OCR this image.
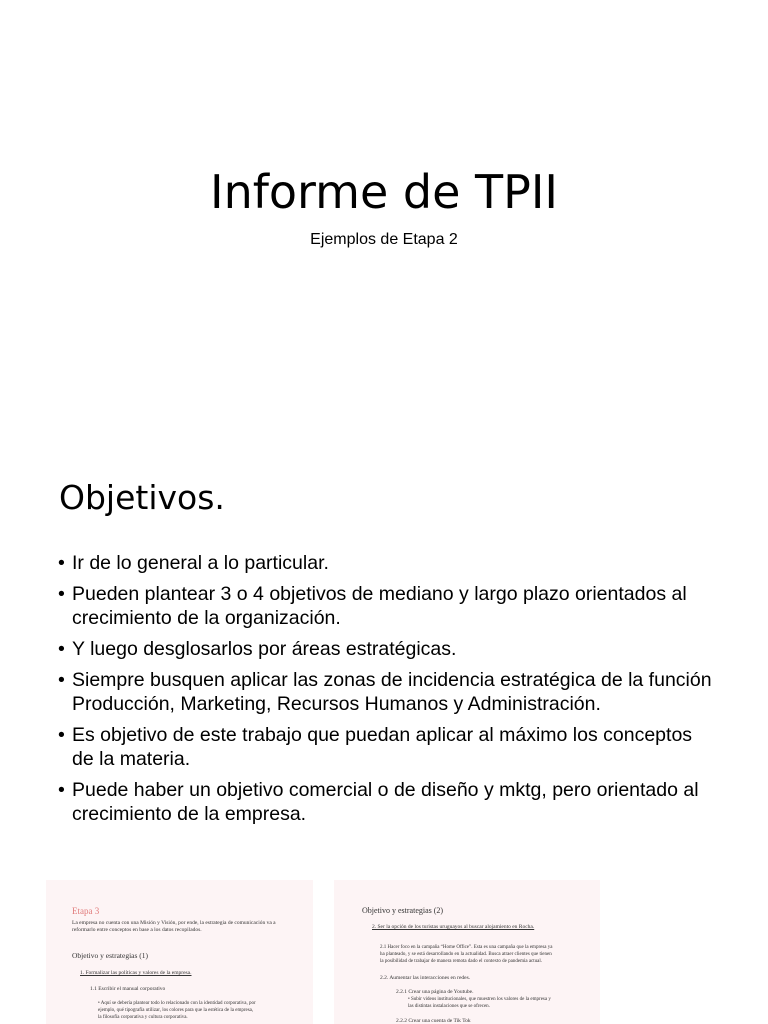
Informe de TPII
Ejemplos de Etapa 2
Objetivos.
• Ir de lo general a lo particular.
• Pueden plantear 3 o 4 objetivos de mediano y largo plazo orientados al crecimiento de la organización.
• Y luego desglosarlos por áreas estratégicas.
• Siempre busquen aplicar las zonas de incidencia estratégica de la función Producción, Marketing, Recursos Humanos y Administración.
• Es objetivo de este trabajo que puedan aplicar al máximo los conceptos de la materia.
• Puede haber un objetivo comercial o de diseño y mktg, pero orientado al crecimiento de la empresa.
Etapa 3
La empresa no cuenta con una Misión y Visión, por ende, la estrategia de comunicación va a
reformarlo entre conceptos en base a los datos recopilados.
Objetivo y estrategias (1)
1. Formalizar las políticas y valores de la empresa.
1.1 Escribir el manual corporativo
• Aquí se debería plantear todo lo relacionado con la identidad corporativa, por
ejemplo, qué tipografía utilizar, los colores para que la estética de la empresa,
la filosofía corporativa y cultura corporativa.
Objetivo y estrategias (2)
2. Ser la opción de los turistas uruguayos al buscar alojamiento en Rocha.
2.1 Hacer foco en la campaña “Home Office”. Esta es una campaña que la empresa ya
ha planteado, y se está desarrollando en la actualidad. Busca atraer clientes que tienen
la posibilidad de trabajar de manera remota dado el contexto de pandemia actual.
2.2. Aumentar las interacciones en redes.
2.2.1 Crear una página de Youtube.
• Subir videos institucionales, que muestren los valores de la empresa y
las distintas instalaciones que se ofrecen.
2.2.2 Crear una cuenta de Tik Tok
